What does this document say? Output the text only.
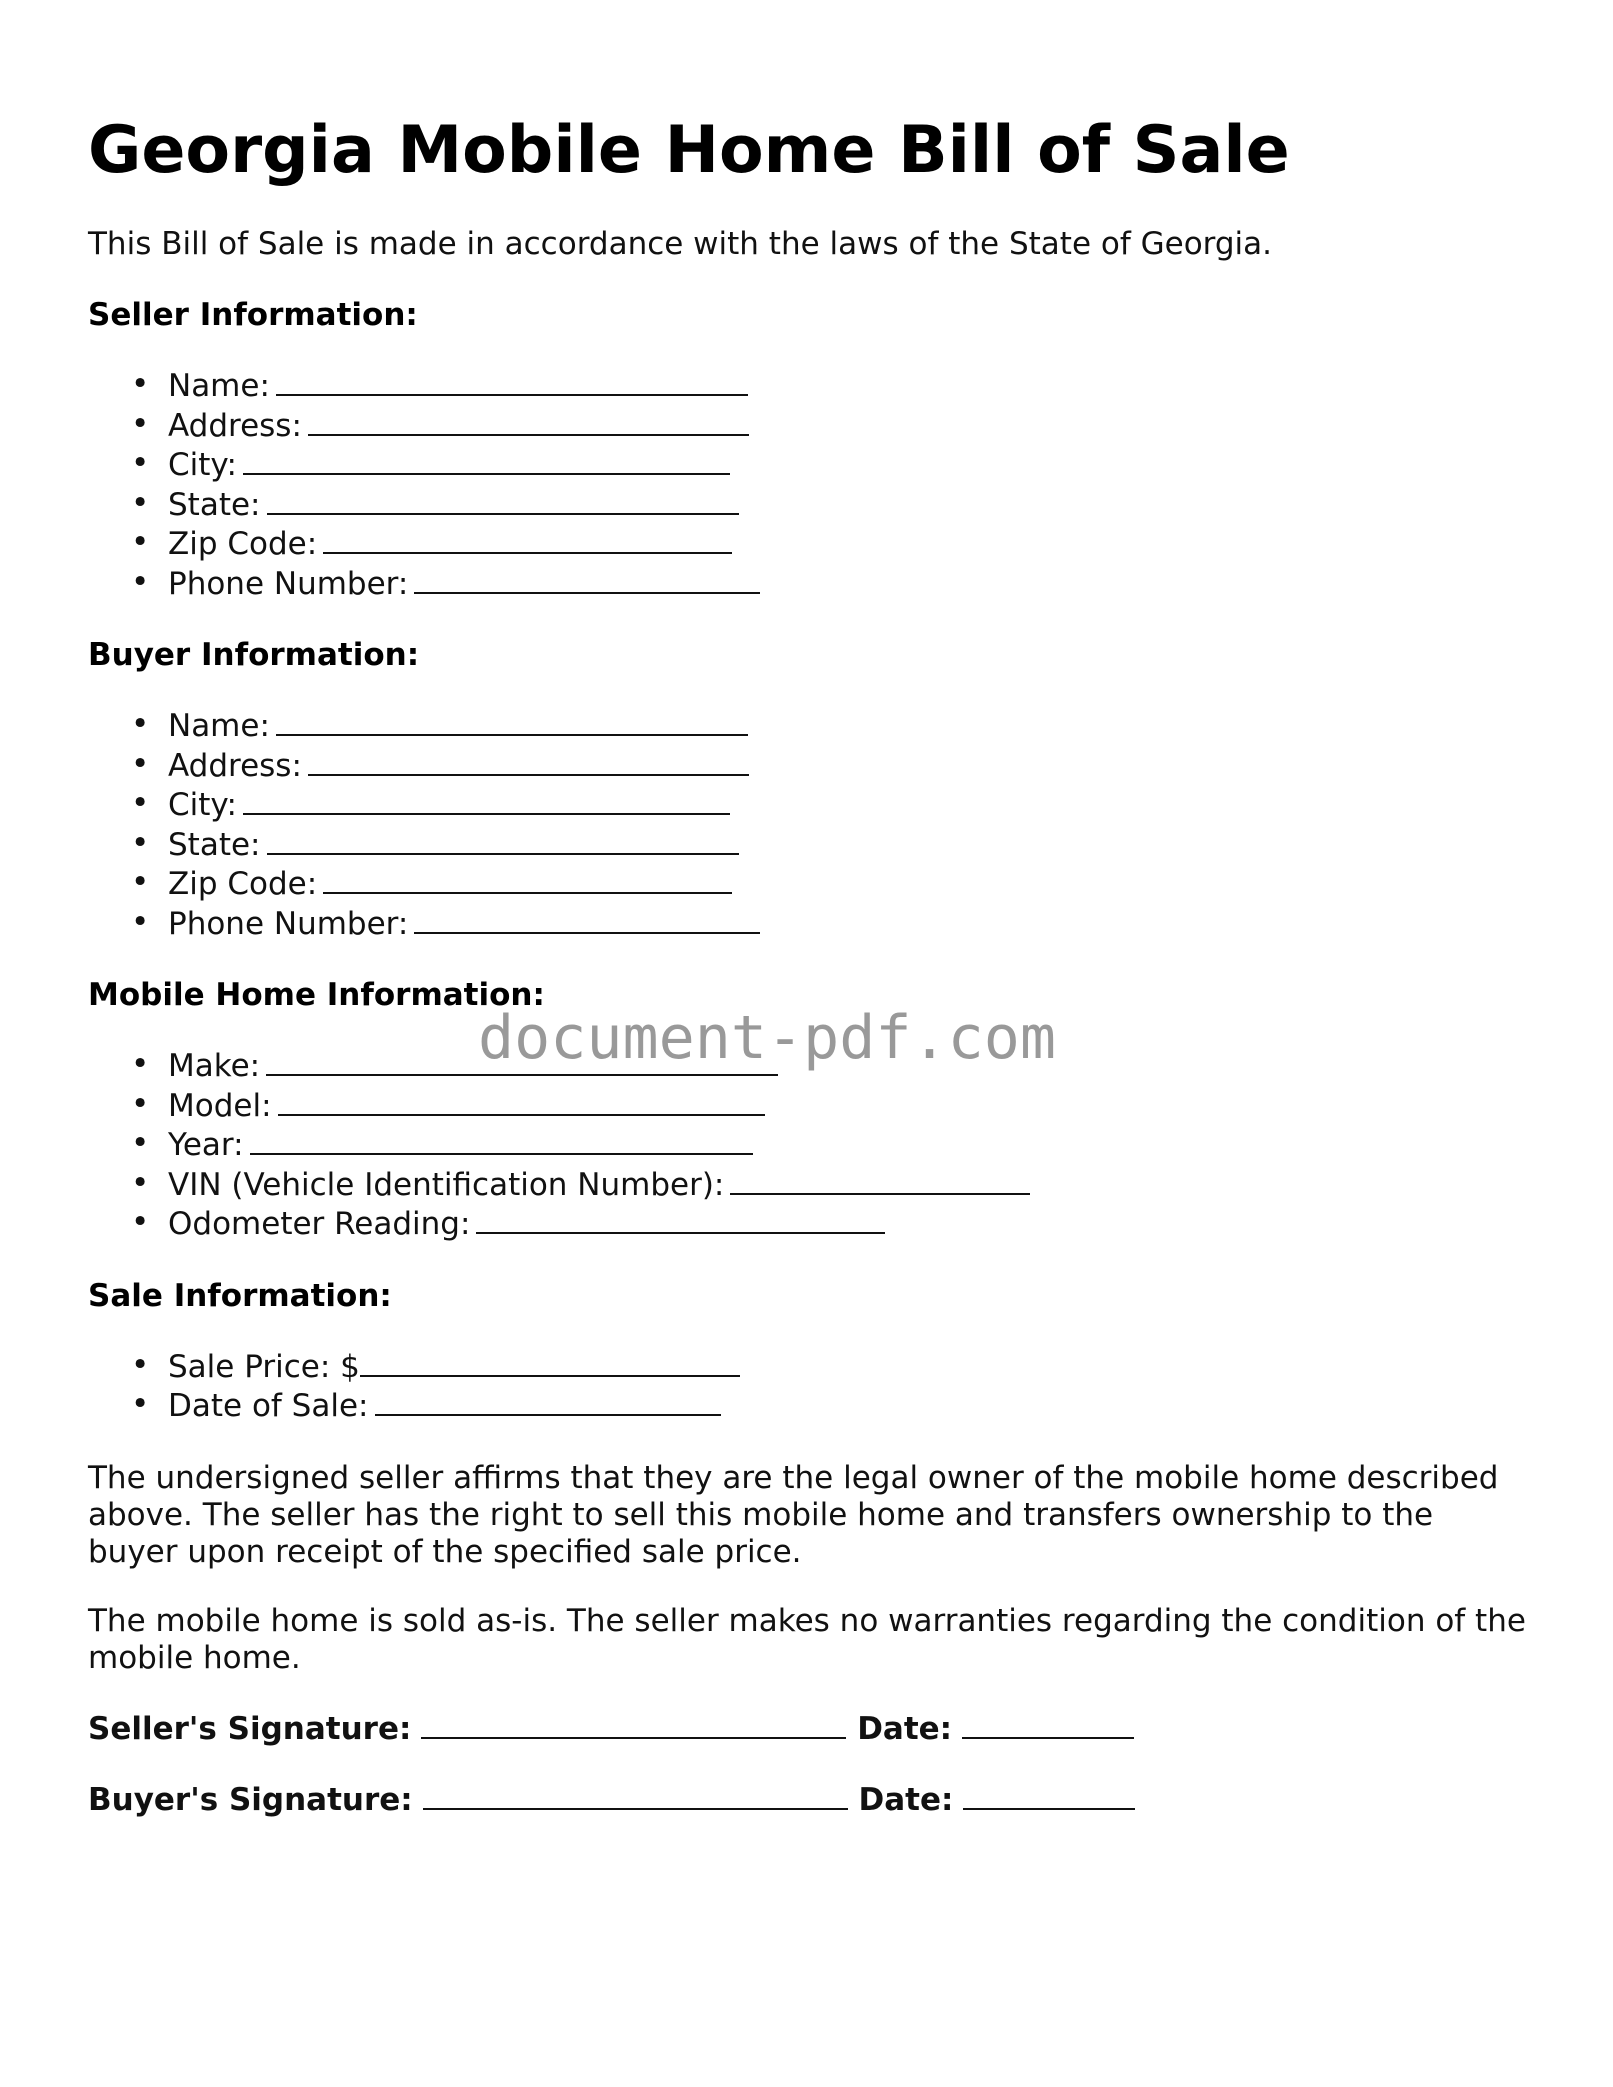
Georgia Mobile Home Bill of Sale

This Bill of Sale is made in accordance with the laws of the State of Georgia.

Seller Information:
• Name:
• Address:
• City:
• State:
• Zip Code:
• Phone Number:
Buyer Information:
• Name:
• Address:
• City:
• State:
• Zip Code:
• Phone Number:
Mobile Home Information:
• Make:
• Model:
• Year:
• VIN (Vehicle Identification Number):
• Odometer Reading:
Sale Information:
• Sale Price: $
• Date of Sale:

The undersigned seller affirms that they are the legal owner of the mobile home described above. The seller has the right to sell this mobile home and transfers ownership to the buyer upon receipt of the specified sale price.

The mobile home is sold as-is. The seller makes no warranties regarding the condition of the mobile home.

Seller's Signature:	Date:
Buyer's Signature:	Date:
document-pdf.com
